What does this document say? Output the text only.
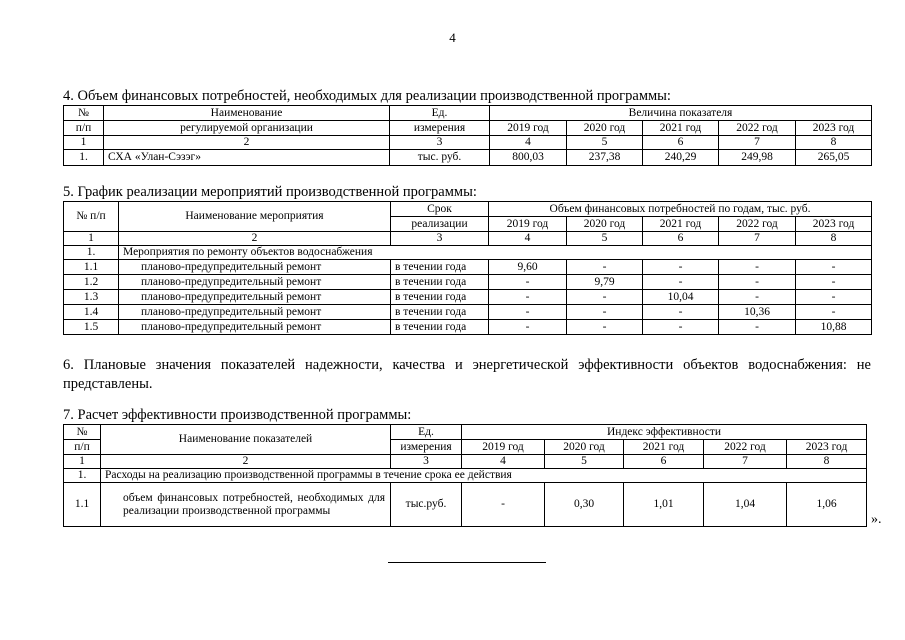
4
4. Объем финансовых потребностей, необходимых для реализации производственной программы:
№	Наименование	Ед.	Величина показателя				
п/п	регулируемой организации	измерения	2019 год	2020 год	2021 год	2022 год	2023 год
1	2	3	4	5	6	7	8
1.	СХА «Улан-Сэзэг»	тыс. руб.	800,03	237,38	240,29	249,98	265,05
5. График реализации мероприятий производственной программы:
№ п/п	Наименование мероприятия	Срок	Объем финансовых потребностей по годам, тыс. руб.				
		реализации	2019 год	2020 год	2021 год	2022 год	2023 год
1	2	3	4	5	6	7	8
1.	Мероприятия по ремонту объектов водоснабжения						
1.1	планово-предупредительный ремонт	в течении года	9,60	-	-	-	-
1.2	планово-предупредительный ремонт	в течении года	-	9,79	-	-	-
1.3	планово-предупредительный ремонт	в течении года	-	-	10,04	-	-
1.4	планово-предупредительный ремонт	в течении года	-	-	-	10,36	-
1.5	планово-предупредительный ремонт	в течении года	-	-	-	-	10,88
6. Плановые значения показателей надежности, качества и энергетической эффективности объектов водоснабжения: не
представлены.
7. Расчет эффективности производственной программы:
№	Наименование показателей	Ед.	Индекс эффективности				
п/п		измерения	2019 год	2020 год	2021 год	2022 год	2023 год
1	2	3	4	5	6	7	8
1.	Расходы на реализацию производственной программы в течение срока ее действия						
1.1	объем финансовых потребностей, необходимых для реализации производственной программы	тыс.руб.	-	0,30	1,01	1,04	1,06
».
